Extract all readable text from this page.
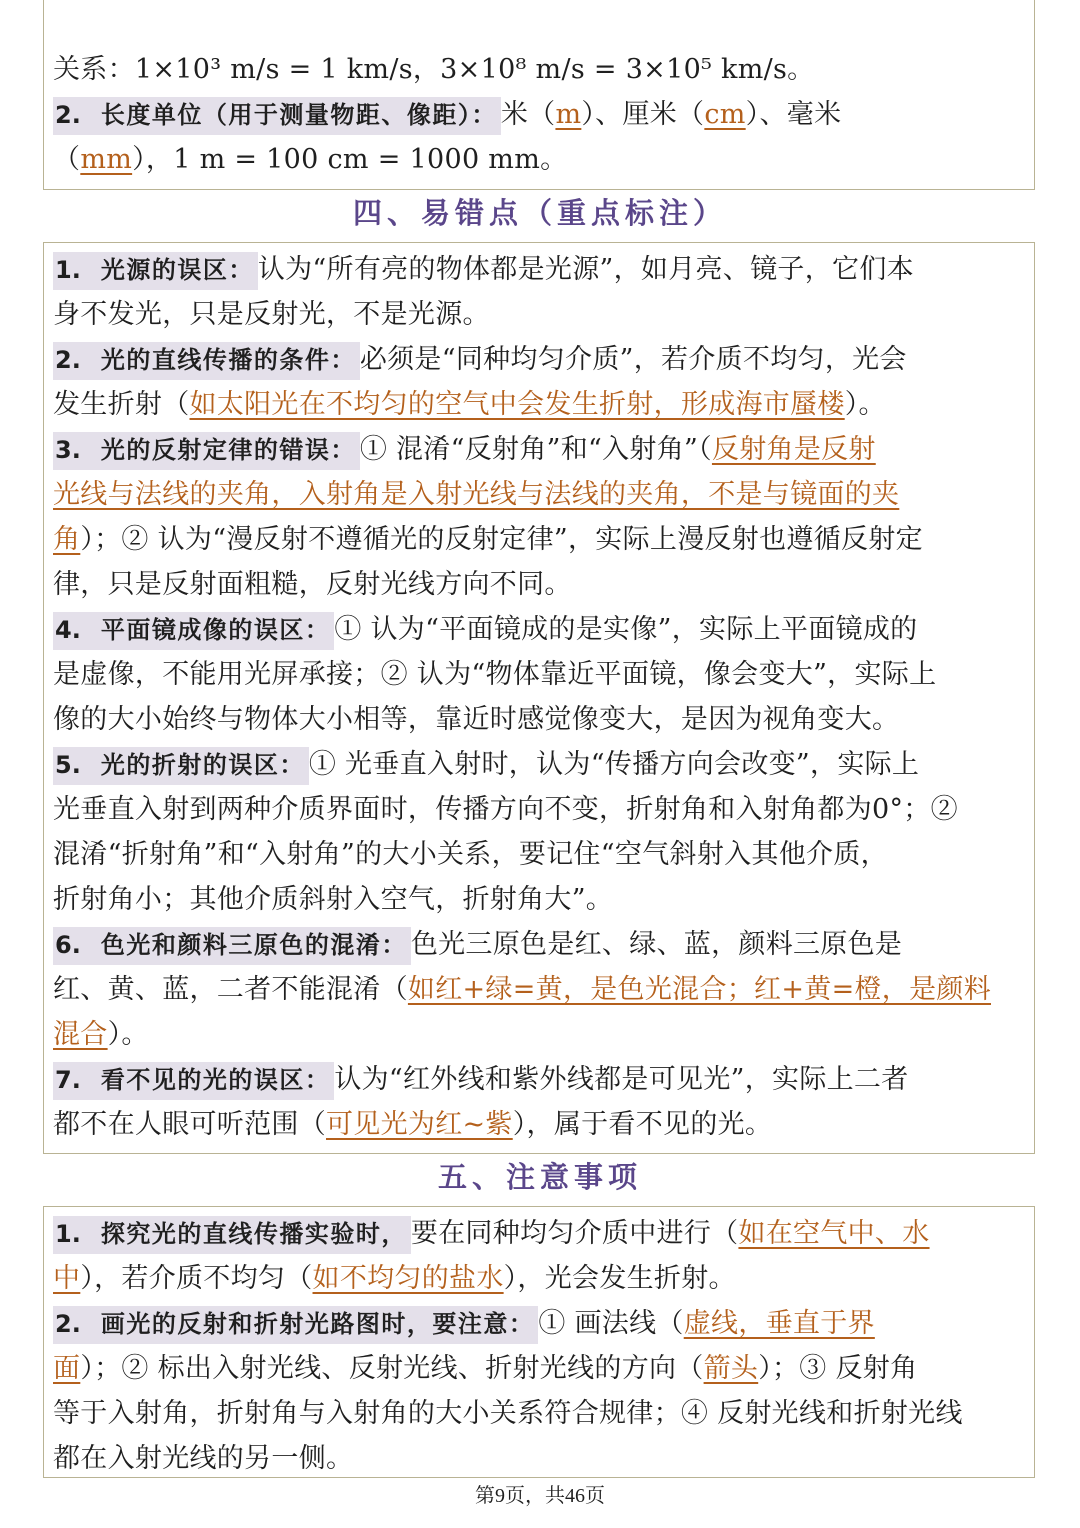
关系：1×10³ m/s = 1 km/s，3×10⁸ m/s = 3×10⁵ km/s。
2. 长度单位（用于测量物距、像距）： 米（m）、厘米（cm）、毫米
（mm），1 m = 100 cm = 1000 mm。
四、易错点（重点标注）
1. 光源的误区： 认为“所有亮的物体都是光源”，如月亮、镜子，它们本
身不发光，只是反射光，不是光源。
2. 光的直线传播的条件： 必须是“同种均匀介质”，若介质不均匀，光会
发生折射（如太阳光在不均匀的空气中会发生折射，形成海市蜃楼）。
3. 光的反射定律的错误： ① 混淆“反射角”和“入射角”（反射角是反射
光线与法线的夹角，入射角是入射光线与法线的夹角，不是与镜面的夹
角）；② 认为“漫反射不遵循光的反射定律”，实际上漫反射也遵循反射定
律，只是反射面粗糙，反射光线方向不同。
4. 平面镜成像的误区： ① 认为“平面镜成的是实像”，实际上平面镜成的
是虚像，不能用光屏承接；② 认为“物体靠近平面镜，像会变大”，实际上
像的大小始终与物体大小相等，靠近时感觉像变大，是因为视角变大。
5. 光的折射的误区： ① 光垂直入射时，认为“传播方向会改变”，实际上
光垂直入射到两种介质界面时，传播方向不变，折射角和入射角都为0°；②
混淆“折射角”和“入射角”的大小关系，要记住“空气斜射入其他介质，
折射角小；其他介质斜射入空气，折射角大”。
6. 色光和颜料三原色的混淆： 色光三原色是红、绿、蓝，颜料三原色是
红、黄、蓝，二者不能混淆（如红+绿=黄，是色光混合；红+黄=橙，是颜料
混合）。
7. 看不见的光的误区： 认为“红外线和紫外线都是可见光”，实际上二者
都不在人眼可听范围（可见光为红~紫），属于看不见的光。
五、注意事项
1. 探究光的直线传播实验时， 要在同种均匀介质中进行（如在空气中、水
中），若介质不均匀（如不均匀的盐水），光会发生折射。
2. 画光的反射和折射光路图时，要注意： ① 画法线（虚线，垂直于界
面）；② 标出入射光线、反射光线、折射光线的方向（箭头）；③ 反射角
等于入射角，折射角与入射角的大小关系符合规律；④ 反射光线和折射光线
都在入射光线的另一侧。
第9页，共46页
